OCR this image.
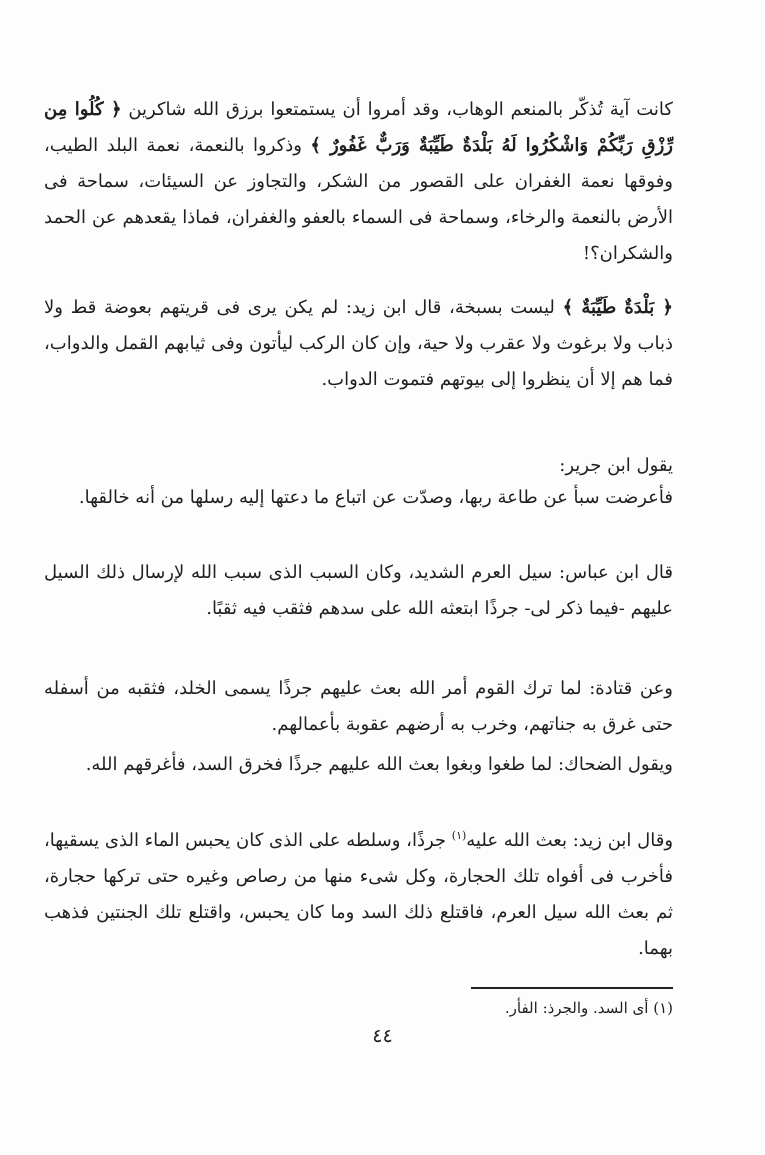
كانت آية تُذكّر بالمنعم الوهاب، وقد أمروا أن يستمتعوا برزق الله شاكرين ﴿ كُلُوا مِن رِّزْقِ رَبِّكُمْ وَاشْكُرُوا لَهُ بَلْدَةٌ طَيِّبَةٌ وَرَبٌّ غَفُورٌ ﴾ وذكروا بالنعمة، نعمة البلد الطيب، وفوقها نعمة الغفران على القصور من الشكر، والتجاوز عن السيئات، سماحة فى الأرض بالنعمة والرخاء، وسماحة فى السماء بالعفو والغفران، فماذا يقعدهم عن الحمد والشكران؟!
﴿ بَلْدَةٌ طَيِّبَةٌ ﴾ ليست بسبخة، قال ابن زيد: لم يكن يرى فى قريتهم بعوضة قط ولا ذباب ولا برغوث ولا عقرب ولا حية، وإن كان الركب ليأتون وفى ثيابهم القمل والدواب، فما هم إلا أن ينظروا إلى بيوتهم فتموت الدواب.
يقول ابن جرير:
فأعرضت سبأ عن طاعة ربها، وصدّت عن اتباع ما دعتها إليه رسلها من أنه خالقها.
قال ابن عباس: سيل العرم الشديد، وكان السبب الذى سبب الله لإرسال ذلك السيل عليهم -فيما ذكر لى- جرذًا ابتعثه الله على سدهم فثقب فيه ثقبًا.
وعن قتادة: لما ترك القوم أمر الله بعث عليهم جرذًا يسمى الخلد، فثقبه من أسفله حتى غرق به جناتهم، وخرب به أرضهم عقوبة بأعمالهم.
ويقول الضحاك: لما طغوا وبغوا بعث الله عليهم جرذًا فخرق السد، فأغرقهم الله.
وقال ابن زيد: بعث الله عليه$^{(١)}$ جرذًا، وسلطه على الذى كان يحبس الماء الذى يسقيها، فأخرب فى أفواه تلك الحجارة، وكل شىء منها من رصاص وغيره حتى تركها حجارة، ثم بعث الله سيل العرم، فاقتلع ذلك السد وما كان يحبس، واقتلع تلك الجنتين فذهب بهما.
(١) أى السد. والجرذ: الفأر.
٤٤
